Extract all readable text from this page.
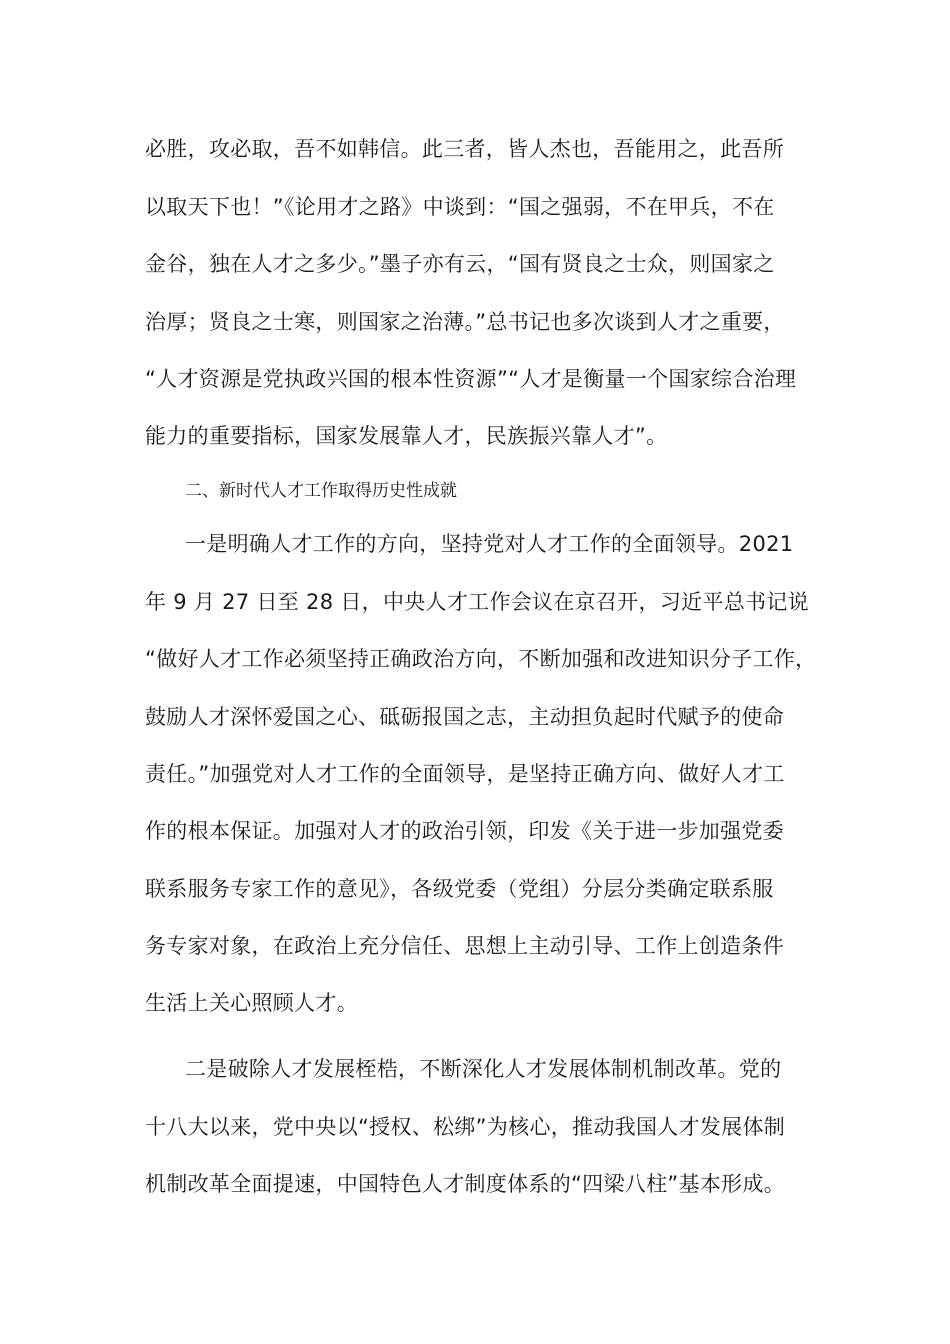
必胜，攻必取，吾不如韩信。此三者，皆人杰也，吾能用之，此吾所
以取天下也！”《论用才之路》中谈到：“国之强弱，不在甲兵，不在
金谷，独在人才之多少。”墨子亦有云，“国有贤良之士众，则国家之
治厚；贤良之士寒，则国家之治薄。”总书记也多次谈到人才之重要，
“人才资源是党执政兴国的根本性资源”“人才是衡量一个国家综合治理
能力的重要指标，国家发展靠人才，民族振兴靠人才”。
二、新时代人才工作取得历史性成就
一是明确人才工作的方向，坚持党对人才工作的全面领导。2021
年 9 月 27 日至 28 日，中央人才工作会议在京召开，习近平总书记说
“做好人才工作必须坚持正确政治方向，不断加强和改进知识分子工作，
鼓励人才深怀爱国之心、砥砺报国之志，主动担负起时代赋予的使命
责任。”加强党对人才工作的全面领导，是坚持正确方向、做好人才工
作的根本保证。加强对人才的政治引领，印发《关于进一步加强党委
联系服务专家工作的意见》，各级党委（党组）分层分类确定联系服
务专家对象，在政治上充分信任、思想上主动引导、工作上创造条件
生活上关心照顾人才。
二是破除人才发展桎梏，不断深化人才发展体制机制改革。党的
十八大以来，党中央以“授权、松绑”为核心，推动我国人才发展体制
机制改革全面提速，中国特色人才制度体系的“四梁八柱”基本形成。
